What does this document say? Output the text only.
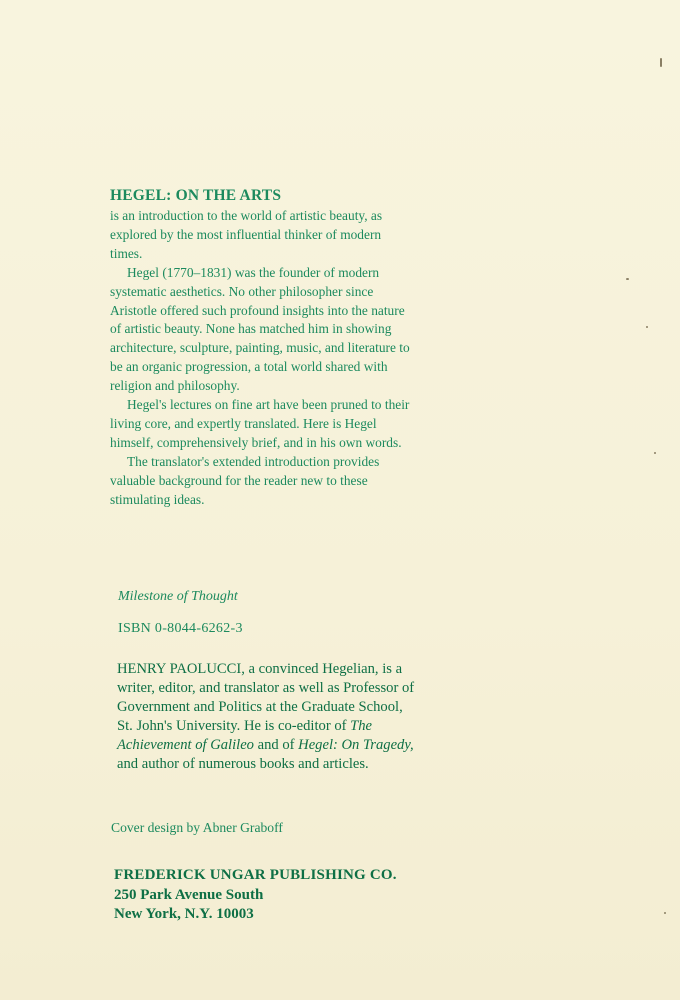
HEGEL: ON THE ARTS

is an introduction to the world of artistic beauty, as explored by the most influential thinker of modern times.

Hegel (1770–1831) was the founder of modern systematic aesthetics. No other philosopher since Aristotle offered such profound insights into the nature of artistic beauty. None has matched him in showing architecture, sculpture, painting, music, and literature to be an organic progression, a total world shared with religion and philosophy.

Hegel's lectures on fine art have been pruned to their living core, and expertly translated. Here is Hegel himself, comprehensively brief, and in his own words.

The translator's extended introduction provides valuable background for the reader new to these stimulating ideas.

Milestone of Thought
ISBN 0-8044-6262-3
HENRY PAOLUCCI, a convinced Hegelian, is a writer, editor, and translator as well as Professor of Government and Politics at the Graduate School, St. John's University. He is co-editor of The Achievement of Galileo and of Hegel: On Tragedy, and author of numerous books and articles.
Cover design by Abner Graboff
FREDERICK UNGAR PUBLISHING CO.
250 Park Avenue South
New York, N.Y. 10003
